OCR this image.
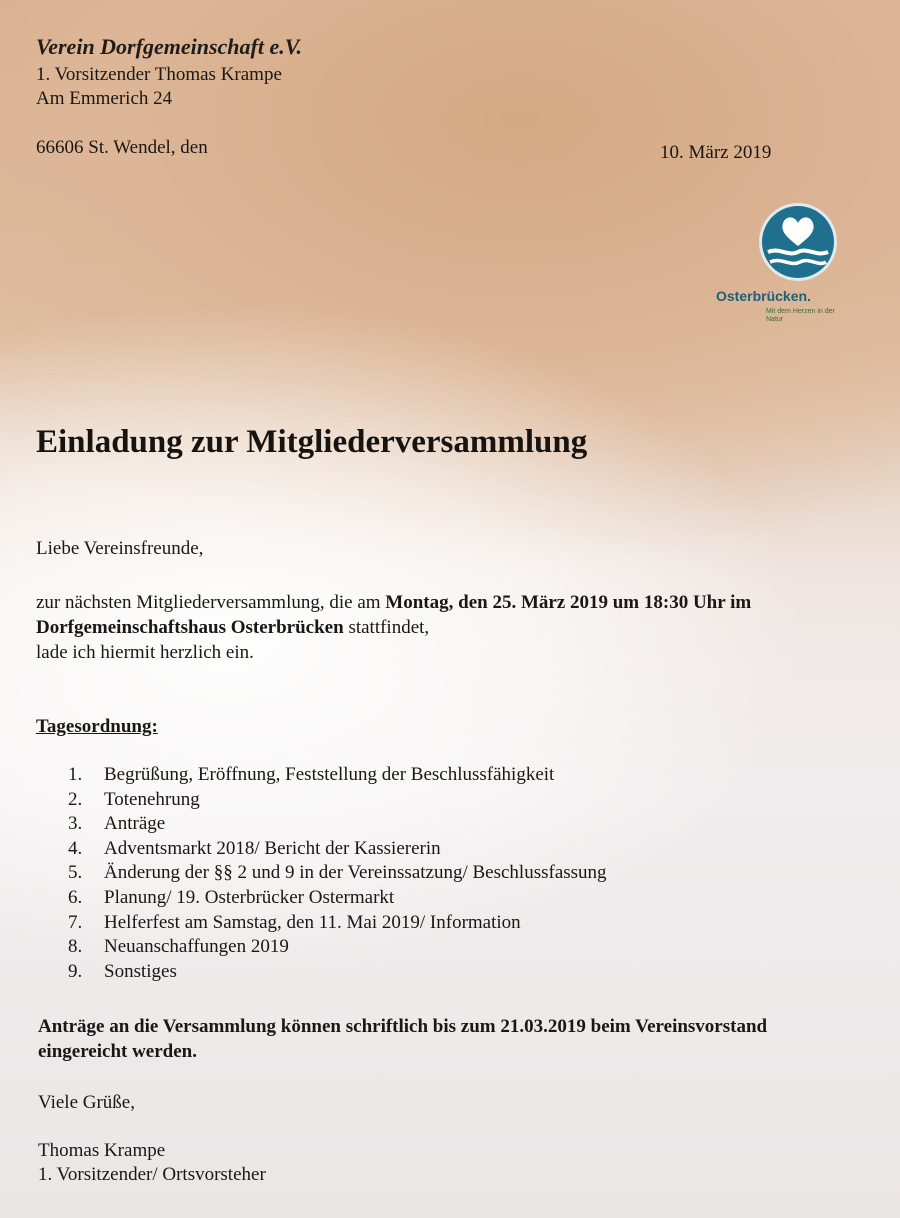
Verein Dorfgemeinschaft e.V.
1. Vorsitzender Thomas Krampe
Am Emmerich 24
66606 St. Wendel, den	10. März 2019
Osterbrücken.
Mit dem Herzen in der Natur
Einladung zur Mitgliederversammlung
Liebe Vereinsfreunde,
zur nächsten Mitgliederversammlung, die am Montag, den 25. März 2019 um 18:30 Uhr im
Dorfgemeinschaftshaus Osterbrücken stattfindet,
lade ich hiermit herzlich ein.
Tagesordnung:
1. Begrüßung, Eröffnung, Feststellung der Beschlussfähigkeit
2. Totenehrung
3. Anträge
4. Adventsmarkt 2018/ Bericht der Kassiererin
5. Änderung der §§ 2 und 9 in der Vereinssatzung/ Beschlussfassung
6. Planung/ 19. Osterbrücker Ostermarkt
7. Helferfest am Samstag, den 11. Mai 2019/ Information
8. Neuanschaffungen 2019
9. Sonstiges
Anträge an die Versammlung können schriftlich bis zum 21.03.2019 beim Vereinsvorstand
eingereicht werden.
Viele Grüße,
Thomas Krampe
1. Vorsitzender/ Ortsvorsteher
